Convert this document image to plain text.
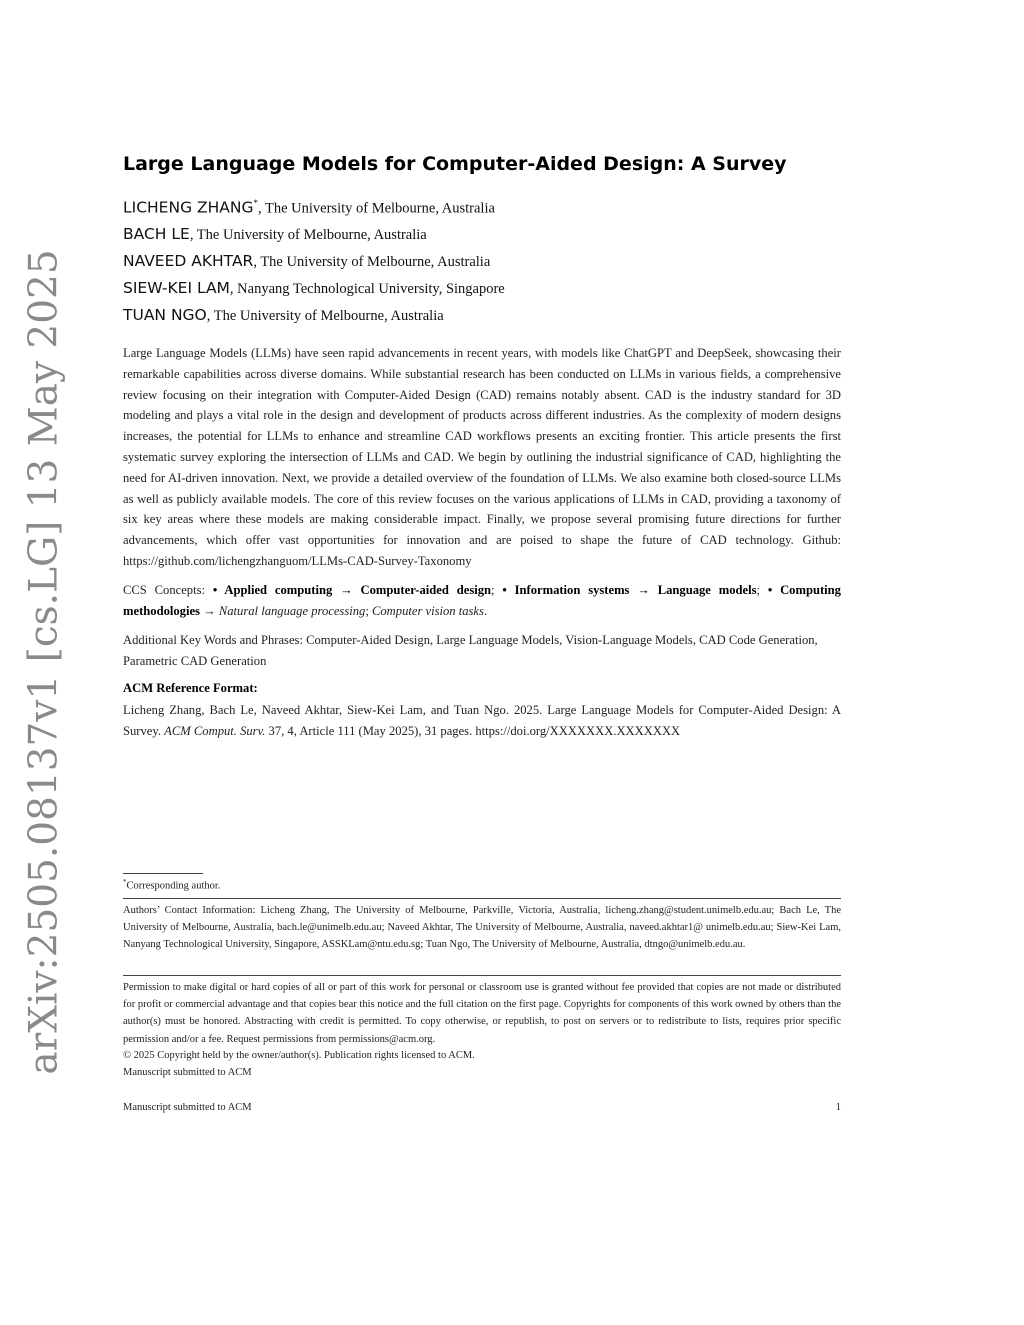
arXiv:2505.08137v1 [cs.LG] 13 May 2025
Large Language Models for Computer-Aided Design: A Survey
LICHENG ZHANG*, The University of Melbourne, Australia
BACH LE, The University of Melbourne, Australia
NAVEED AKHTAR, The University of Melbourne, Australia
SIEW-KEI LAM, Nanyang Technological University, Singapore
TUAN NGO, The University of Melbourne, Australia

Large Language Models (LLMs) have seen rapid advancements in recent years, with models like ChatGPT and DeepSeek, showcasing their remarkable capabilities across diverse domains. While substantial research has been conducted on LLMs in various fields, a comprehensive review focusing on their integration with Computer-Aided Design (CAD) remains notably absent. CAD is the industry standard for 3D modeling and plays a vital role in the design and development of products across different industries. As the complexity of modern designs increases, the potential for LLMs to enhance and streamline CAD workflows presents an exciting frontier. This article presents the first systematic survey exploring the intersection of LLMs and CAD. We begin by outlining the industrial significance of CAD, highlighting the need for AI-driven innovation. Next, we provide a detailed overview of the foundation of LLMs. We also examine both closed-source LLMs as well as publicly available models. The core of this review focuses on the various applications of LLMs in CAD, providing a taxonomy of six key areas where these models are making considerable impact. Finally, we propose several promising future directions for further advancements, which offer vast opportunities for innovation and are poised to shape the future of CAD technology. Github: https://github.com/lichengzhanguom/LLMs-CAD-Survey-Taxonomy

CCS Concepts: • Applied computing → Computer-aided design; • Information systems → Language models; • Computing methodologies → Natural language processing; Computer vision tasks.
Additional Key Words and Phrases: Computer-Aided Design, Large Language Models, Vision-Language Models, CAD Code Generation, Parametric CAD Generation
ACM Reference Format:
Licheng Zhang, Bach Le, Naveed Akhtar, Siew-Kei Lam, and Tuan Ngo. 2025. Large Language Models for Computer-Aided Design: A Survey. ACM Comput. Surv. 37, 4, Article 111 (May 2025), 31 pages. https://doi.org/XXXXXXX.XXXXXXX
*Corresponding author.
Authors’ Contact Information: Licheng Zhang, The University of Melbourne, Parkville, Victoria, Australia, licheng.zhang@student.unimelb.edu.au; Bach Le, The University of Melbourne, Australia, bach.le@unimelb.edu.au; Naveed Akhtar, The University of Melbourne, Australia, naveed.akhtar1@ unimelb.edu.au; Siew-Kei Lam, Nanyang Technological University, Singapore, ASSKLam@ntu.edu.sg; Tuan Ngo, The University of Melbourne, Australia, dtngo@unimelb.edu.au.
Permission to make digital or hard copies of all or part of this work for personal or classroom use is granted without fee provided that copies are not made or distributed for profit or commercial advantage and that copies bear this notice and the full citation on the first page. Copyrights for components of this work owned by others than the author(s) must be honored. Abstracting with credit is permitted. To copy otherwise, or republish, to post on servers or to redistribute to lists, requires prior specific permission and/or a fee. Request permissions from permissions@acm.org.
© 2025 Copyright held by the owner/author(s). Publication rights licensed to ACM.
Manuscript submitted to ACM
Manuscript submitted to ACM	1
